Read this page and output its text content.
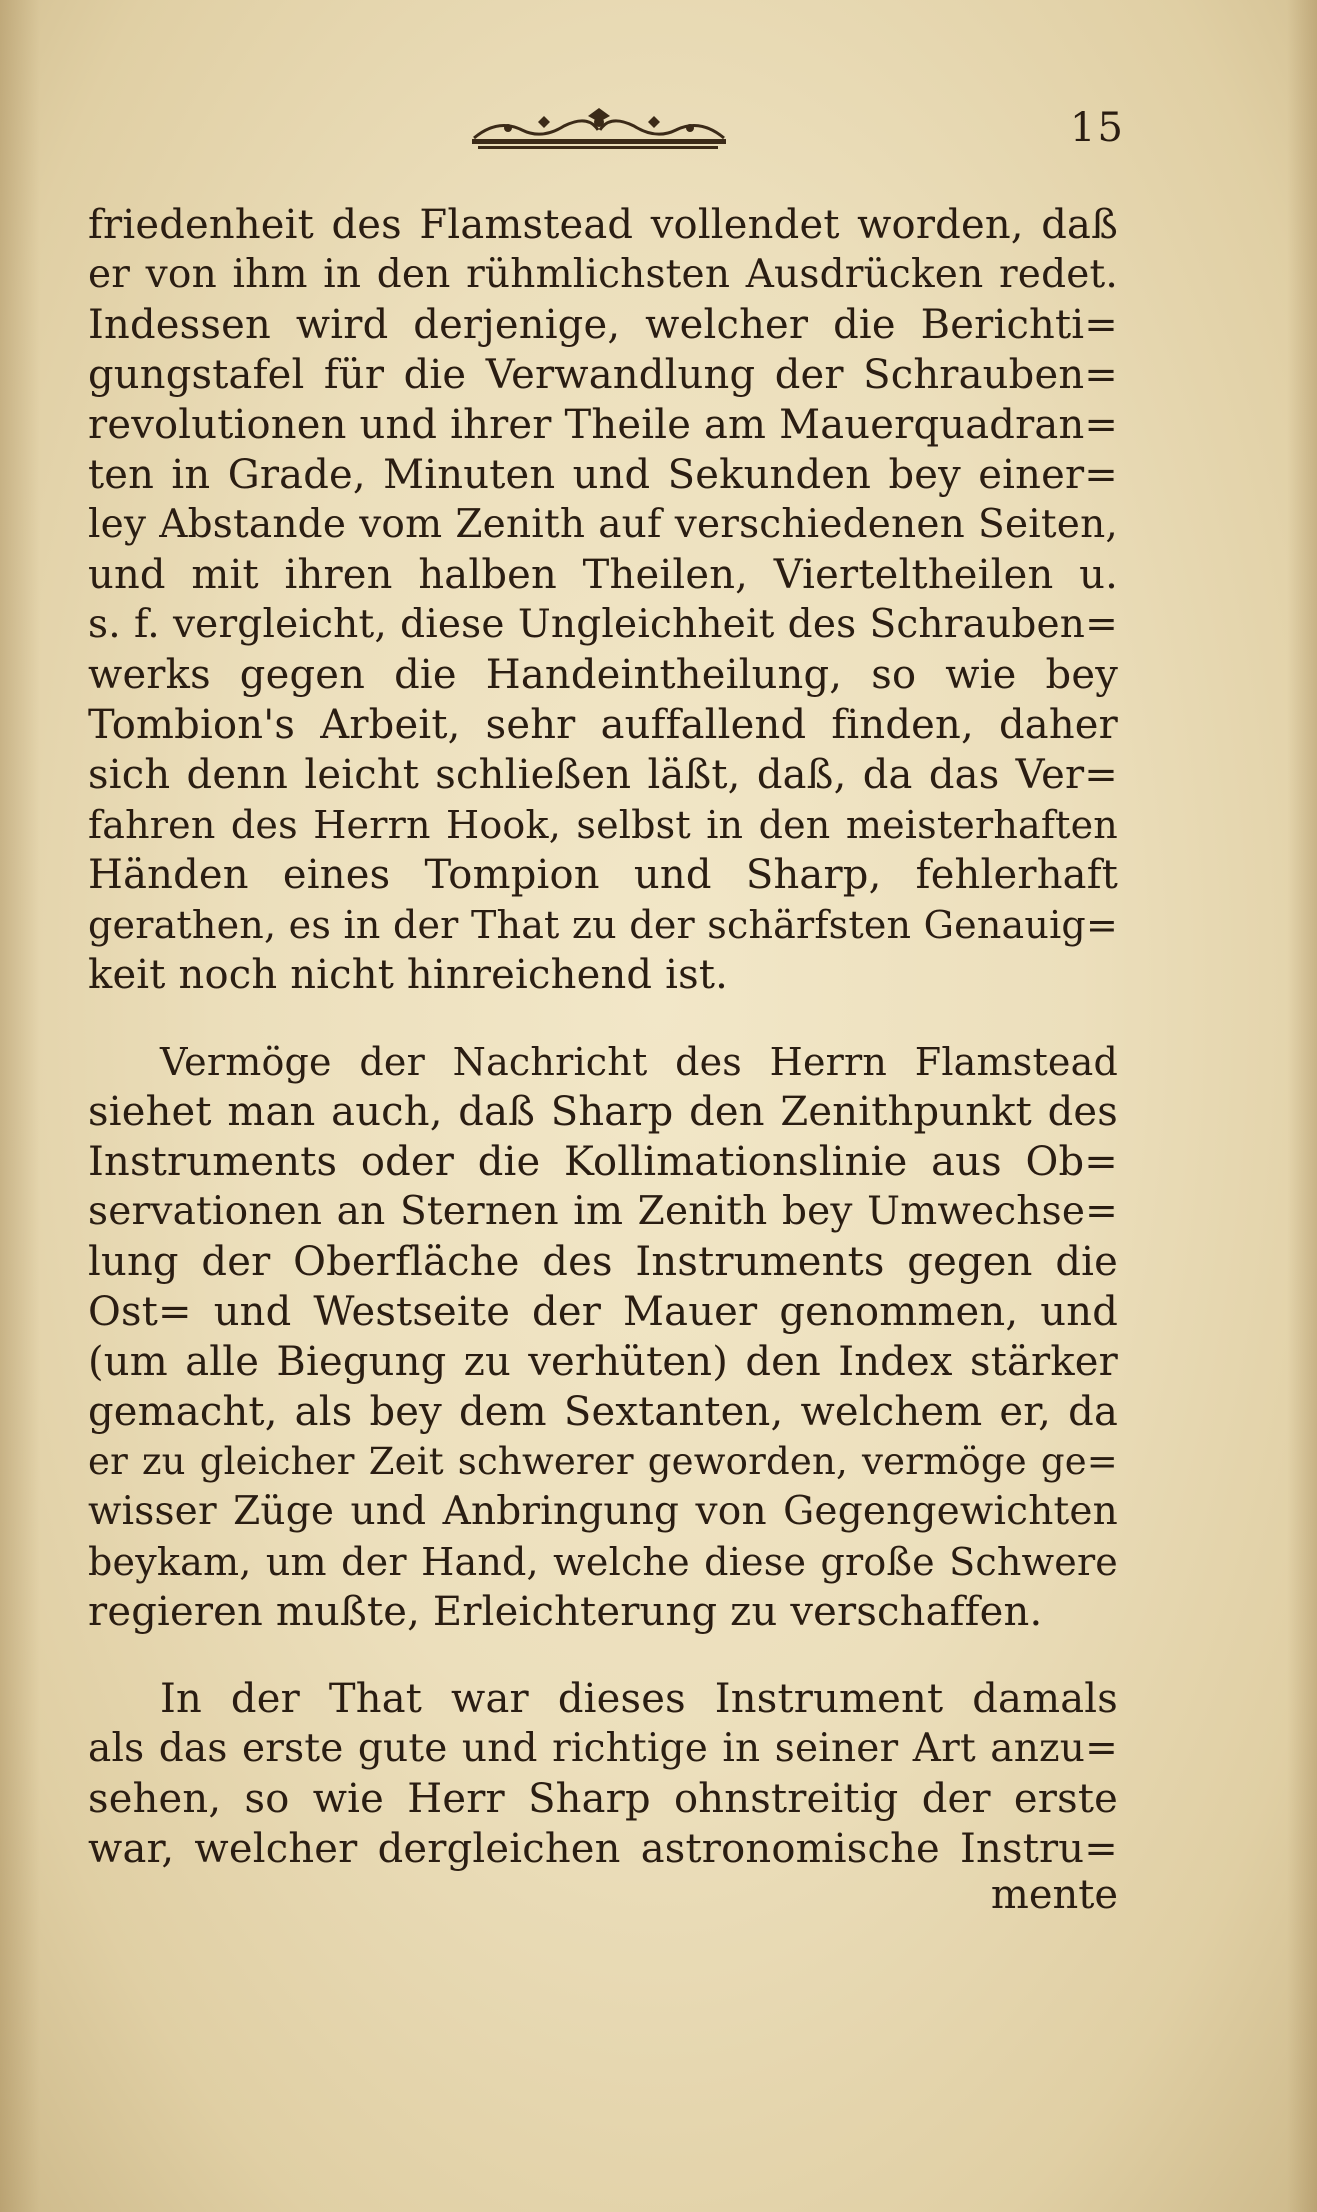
15
friedenheit des Flamstead vollendet worden, daß
er von ihm in den rühmlichsten Ausdrücken redet.
Indessen wird derjenige, welcher die Berichti=
gungstafel für die Verwandlung der Schrauben=
revolutionen und ihrer Theile am Mauerquadran=
ten in Grade, Minuten und Sekunden bey einer=
ley Abstande vom Zenith auf verschiedenen Seiten,
und mit ihren halben Theilen, Vierteltheilen u.
s. f. vergleicht, diese Ungleichheit des Schrauben=
werks gegen die Handeintheilung, so wie bey
Tombion's Arbeit, sehr auffallend finden, daher
sich denn leicht schließen läßt, daß, da das Ver=
fahren des Herrn Hook, selbst in den meisterhaften
Händen eines Tompion und Sharp, fehlerhaft
gerathen, es in der That zu der schärfsten Genauig=
keit noch nicht hinreichend ist.
Vermöge der Nachricht des Herrn Flamstead
siehet man auch, daß Sharp den Zenithpunkt des
Instruments oder die Kollimationslinie aus Ob=
servationen an Sternen im Zenith bey Umwechse=
lung der Oberfläche des Instruments gegen die
Ost= und Westseite der Mauer genommen, und
(um alle Biegung zu verhüten) den Index stärker
gemacht, als bey dem Sextanten, welchem er, da
er zu gleicher Zeit schwerer geworden, vermöge ge=
wisser Züge und Anbringung von Gegengewichten
beykam, um der Hand, welche diese große Schwere
regieren mußte, Erleichterung zu verschaffen.
In der That war dieses Instrument damals
als das erste gute und richtige in seiner Art anzu=
sehen, so wie Herr Sharp ohnstreitig der erste
war, welcher dergleichen astronomische Instru=
mente
